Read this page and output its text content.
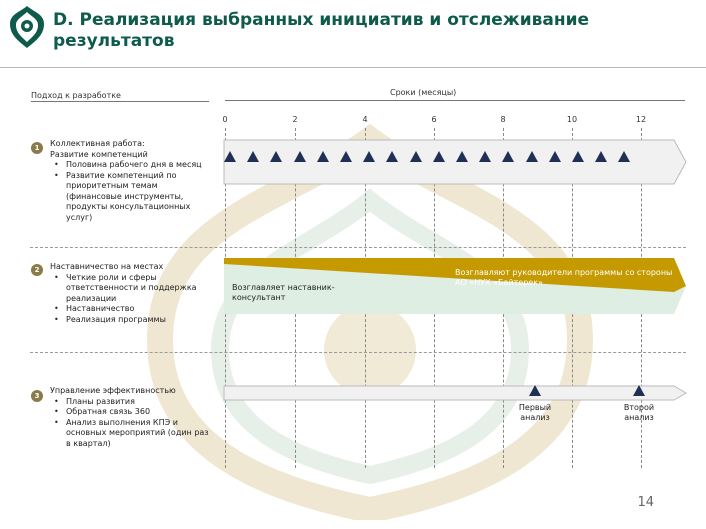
D. Реализация выбранных инициатив и отслеживание результатов
Подход к разработке	Сроки (месяцы)
0	2	4	6	8	10	12
1	Коллективная работа:
Развитие компетенций
• Половина рабочего дня в месяц
• Развитие компетенций по приоритетным темам (финансовые инструменты, продукты консультационных услуг)
2	Наставничество на местах
• Четкие роли и сферы ответственности и поддержка реализации
• Наставничество
• Реализация программы
Возглавляет наставник-консультант
Возглавляют руководители программы со стороны АО «НУХ «Байтерек»
3
Управление эффективностью
• Планы развития
• Обратная связь 360
• Анализ выполнения КПЭ и основных мероприятий (один раз в квартал)
Первый анализ
Второй анализ
14
